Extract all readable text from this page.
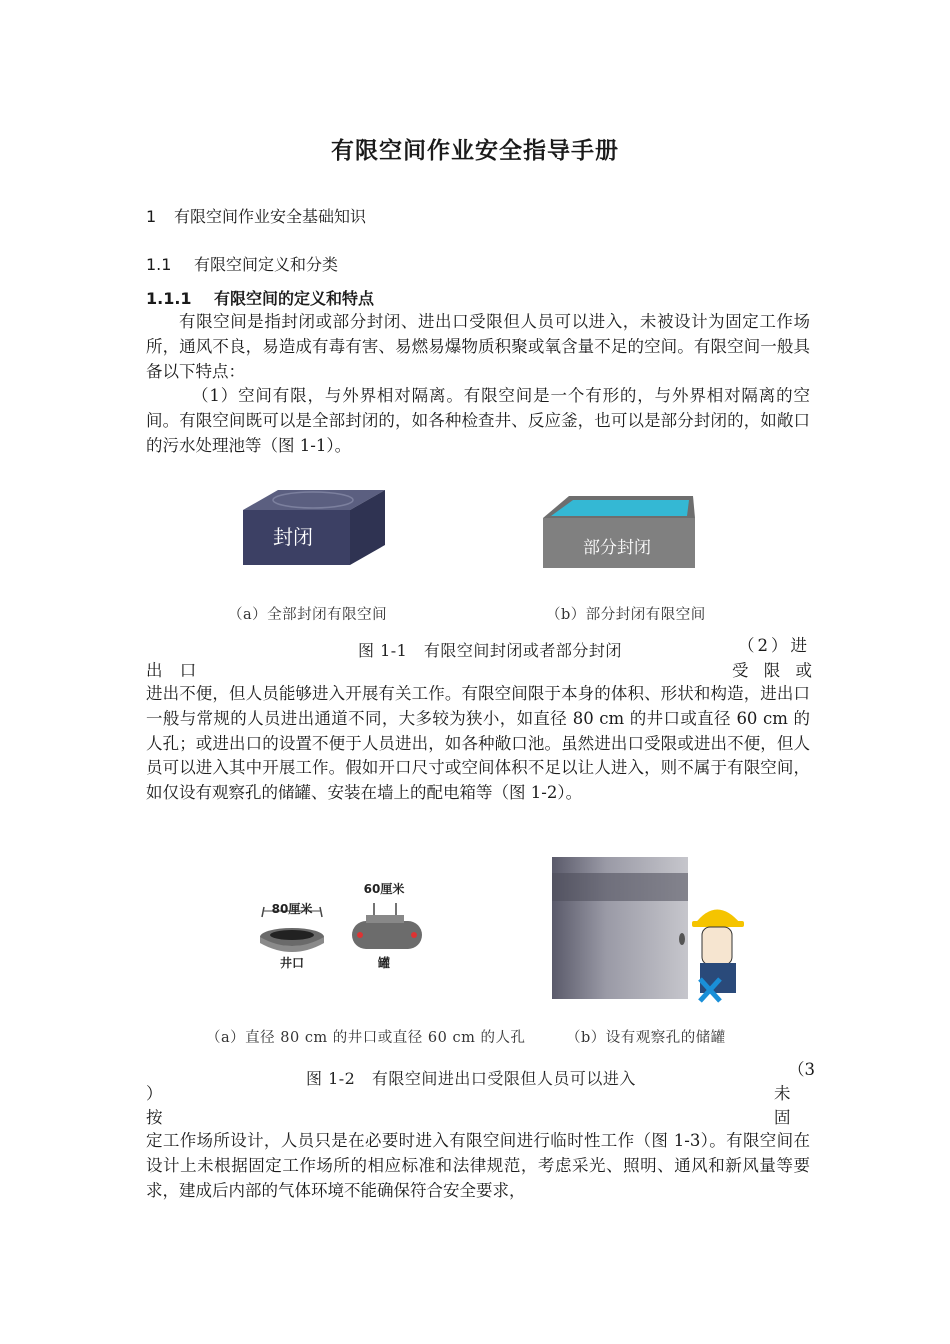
有限空间作业安全指导手册
1 有限空间作业安全基础知识
1.1 有限空间定义和分类
1.1.1 有限空间的定义和特点
有限空间是指封闭或部分封闭、进出口受限但人员可以进入，未被设计为固定工作场所，通风不良，易造成有毒有害、易燃易爆物质积聚或氧含量不足的空间。有限空间一般具备以下特点：
（1）空间有限，与外界相对隔离。有限空间是一个有形的，与外界相对隔离的空间。有限空间既可以是全部封闭的，如各种检查井、反应釜，也可以是部分封闭的，如敞口的污水处理池等（图 1-1）。
封闭	部分封闭
（a）全部封闭有限空间	（b）部分封闭有限空间
图 1-1　有限空间封闭或者部分封闭	（2）进
出 口	受 限 或
进出不便，但人员能够进入开展有关工作。有限空间限于本身的体积、形状和构造，进出口一般与常规的人员进出通道不同，大多较为狭小，如直径 80 cm 的井口或直径 60 cm 的人孔；或进出口的设置不便于人员进出，如各种敞口池。虽然进出口受限或进出不便，但人员可以进入其中开展工作。假如开口尺寸或空间体积不足以让人进入，则不属于有限空间，如仅设有观察孔的储罐、安装在墙上的配电箱等（图 1-2）。
80厘米
井口
60厘米
罐
（a）直径 80 cm 的井口或直径 60 cm 的人孔	（b）设有观察孔的储罐
图 1-2　有限空间进出口受限但人员可以进入	（3
）	未
按	固
定工作场所设计，人员只是在必要时进入有限空间进行临时性工作（图 1-3）。有限空间在设计上未根据固定工作场所的相应标准和法律规范，考虑采光、照明、通风和新风量等要求，建成后内部的气体环境不能确保符合安全要求，
